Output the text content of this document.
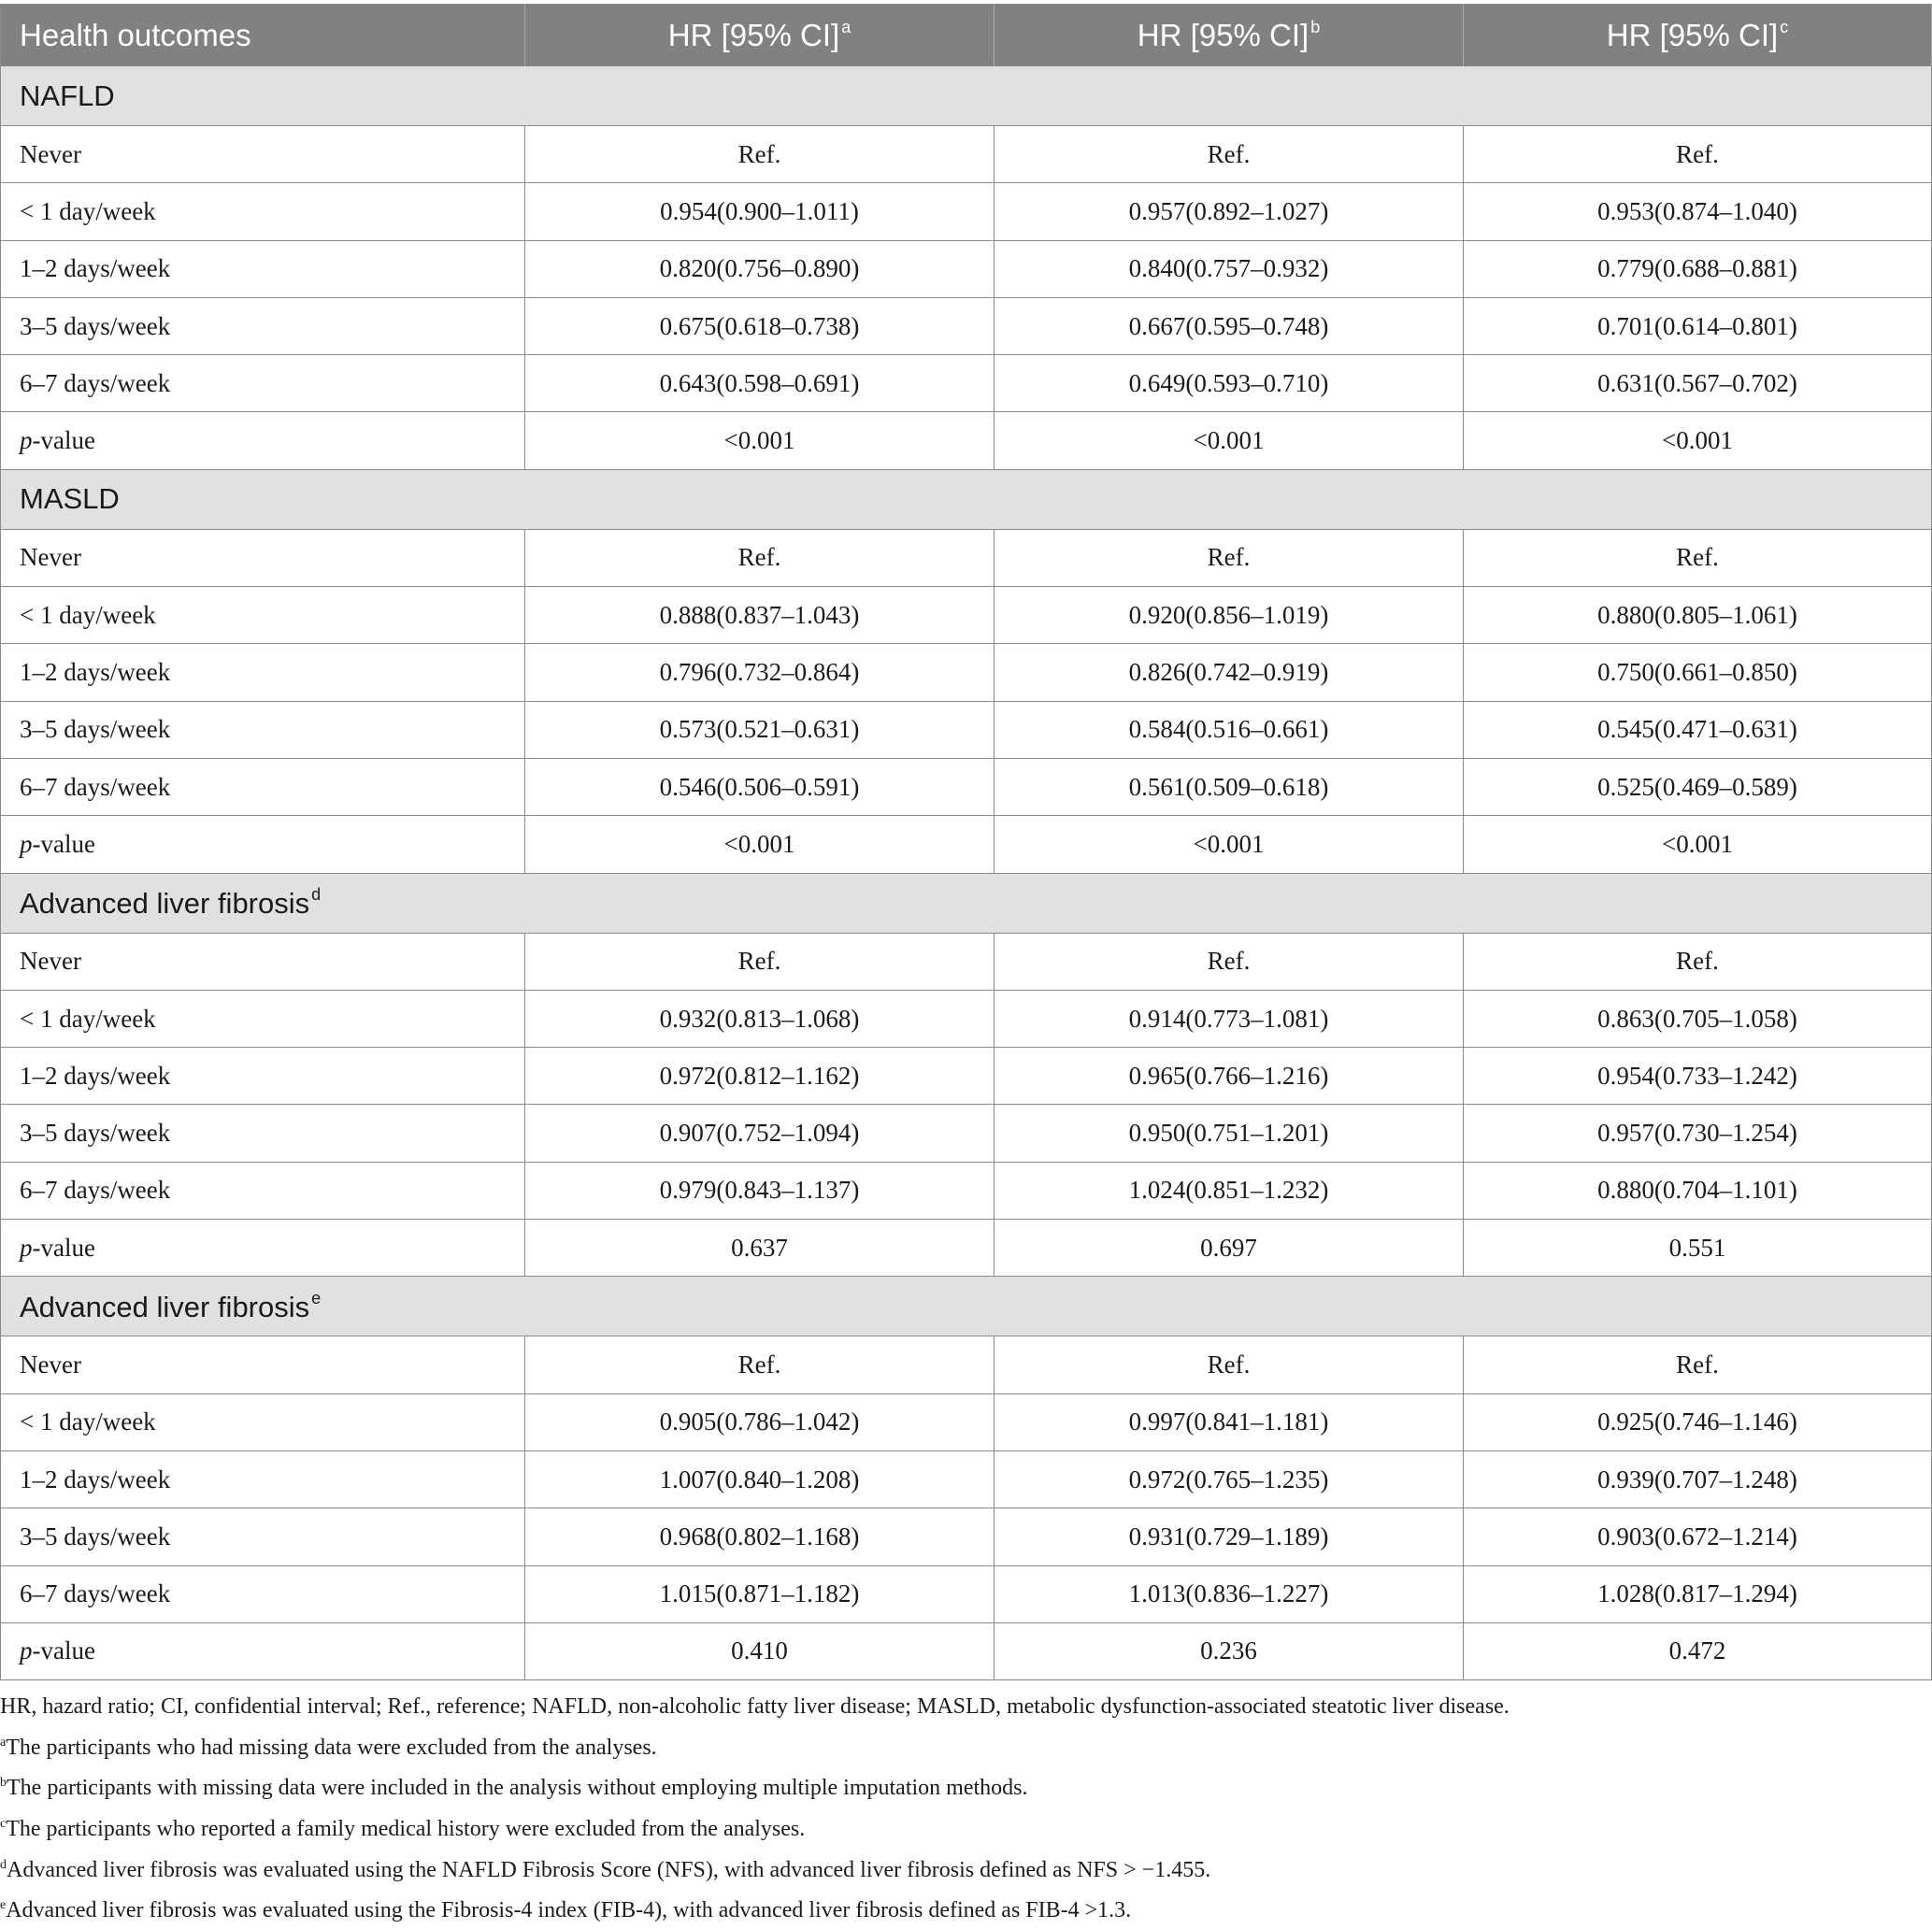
Health outcomes	HR [95% CI] $^a$	HR [95% CI] $^b$	HR [95% CI] $^c$
NAFLD			
Never	Ref.	Ref.	Ref.
< 1 day/week	0.954(0.900–1.011)	0.957(0.892–1.027)	0.953(0.874–1.040)
1–2 days/week	0.820(0.756–0.890)	0.840(0.757–0.932)	0.779(0.688–0.881)
3–5 days/week	0.675(0.618–0.738)	0.667(0.595–0.748)	0.701(0.614–0.801)
6–7 days/week	0.643(0.598–0.691)	0.649(0.593–0.710)	0.631(0.567–0.702)
p-value	<0.001	<0.001	<0.001
MASLD			
Never	Ref.	Ref.	Ref.
< 1 day/week	0.888(0.837–1.043)	0.920(0.856–1.019)	0.880(0.805–1.061)
1–2 days/week	0.796(0.732–0.864)	0.826(0.742–0.919)	0.750(0.661–0.850)
3–5 days/week	0.573(0.521–0.631)	0.584(0.516–0.661)	0.545(0.471–0.631)
6–7 days/week	0.546(0.506–0.591)	0.561(0.509–0.618)	0.525(0.469–0.589)
p-value	<0.001	<0.001	<0.001
Advanced liver fibrosis $^d$
Never	Ref.	Ref.	Ref.
< 1 day/week	0.932(0.813–1.068)	0.914(0.773–1.081)	0.863(0.705–1.058)
1–2 days/week	0.972(0.812–1.162)	0.965(0.766–1.216)	0.954(0.733–1.242)
3–5 days/week	0.907(0.752–1.094)	0.950(0.751–1.201)	0.957(0.730–1.254)
6–7 days/week	0.979(0.843–1.137)	1.024(0.851–1.232)	0.880(0.704–1.101)
p-value	0.637	0.697	0.551
Advanced liver fibrosis $^e$
Never	Ref.	Ref.	Ref.
< 1 day/week	0.905(0.786–1.042)	0.997(0.841–1.181)	0.925(0.746–1.146)
1–2 days/week	1.007(0.840–1.208)	0.972(0.765–1.235)	0.939(0.707–1.248)
3–5 days/week	0.968(0.802–1.168)	0.931(0.729–1.189)	0.903(0.672–1.214)
6–7 days/week	1.015(0.871–1.182)	1.013(0.836–1.227)	1.028(0.817–1.294)
p-value	0.410	0.236	0.472

HR, hazard ratio; CI, confidential interval; Ref., reference; NAFLD, non-alcoholic fatty liver disease; MASLD, metabolic dysfunction-associated steatotic liver disease.

$^a$The participants who had missing data were excluded from the analyses.

$^b$The participants with missing data were included in the analysis without employing multiple imputation methods.

$^c$The participants who reported a family medical history were excluded from the analyses.

$^d$Advanced liver fibrosis was evaluated using the NAFLD Fibrosis Score (NFS), with advanced liver fibrosis defined as NFS > −1.455.

$^e$Advanced liver fibrosis was evaluated using the Fibrosis-4 index (FIB-4), with advanced liver fibrosis defined as FIB-4 >1.3.
